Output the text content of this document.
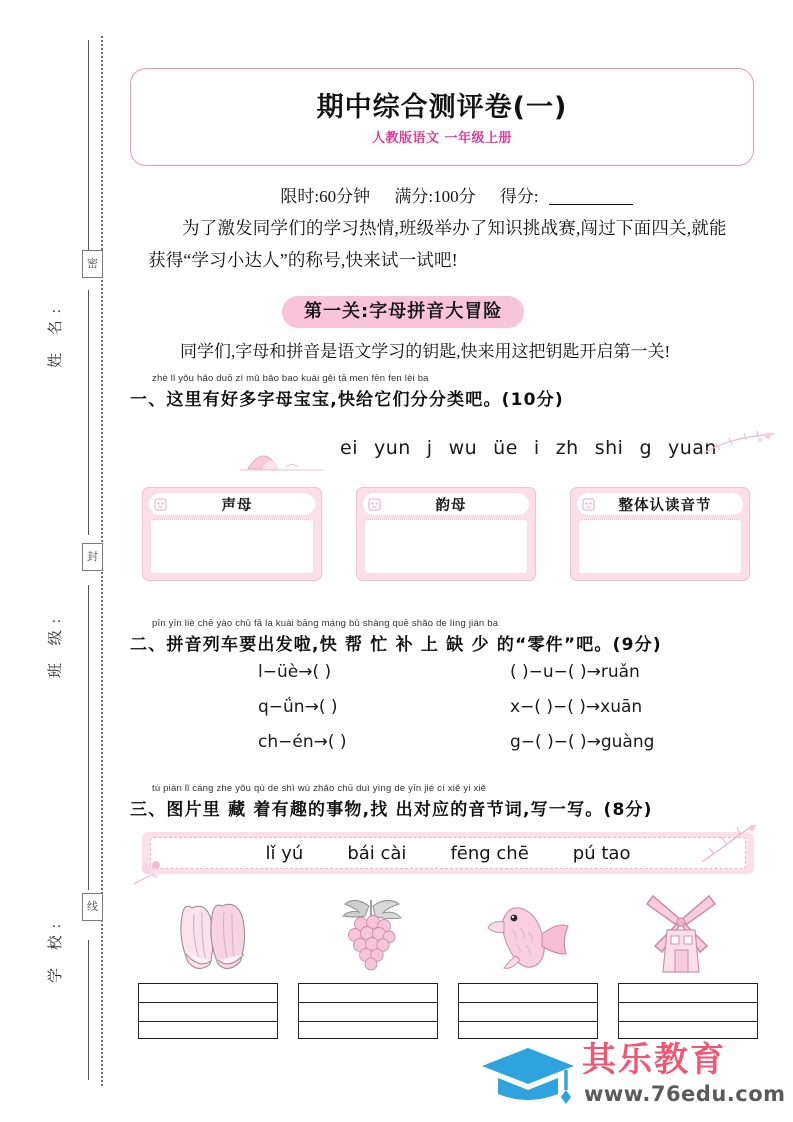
密
封
线
姓 名:
班 级:
学 校:
期中综合测评卷(一)
人教版语文 一年级上册
限时:60分钟 满分:100分 得分:
为了激发同学们的学习热情,班级举办了知识挑战赛,闯过下面四关,就能获得“学习小达人”的称号,快来试一试吧!
第一关:字母拼音大冒险
同学们,字母和拼音是语文学习的钥匙,快来用这把钥匙开启第一关!
zhè lǐ yǒu hǎo duō zì mǔ bǎo bao kuài gěi tā men fēn fen lèi ba
一、这里有好多字母宝宝,快给它们分分类吧。(10分)
ei yun j wu üe i zh shi g yuan
声母	韵母	整体认读音节
pīn yīn liè chē yào chū fā la kuài bāng máng bǔ shàng quē shǎo de líng jiàn ba
二、拼音列车要出发啦,快 帮 忙 补 上 缺 少 的“零件”吧。(9分)
l−üè→( )	( )−u−( )→ruǎn
q−ǘn→( )	x−( )−( )→xuān
ch−én→( )	g−( )−( )→guàng
tú piàn lǐ cáng zhe yǒu qù de shì wù zhǎo chū duì yìng de yīn jié cí xiě yi xiě
三、图片里 藏 着有趣的事物,找 出对应的音节词,写一写。(8分)
lǐ yú bái cài fēng chē pú tao
其乐教育
www.76edu.com
